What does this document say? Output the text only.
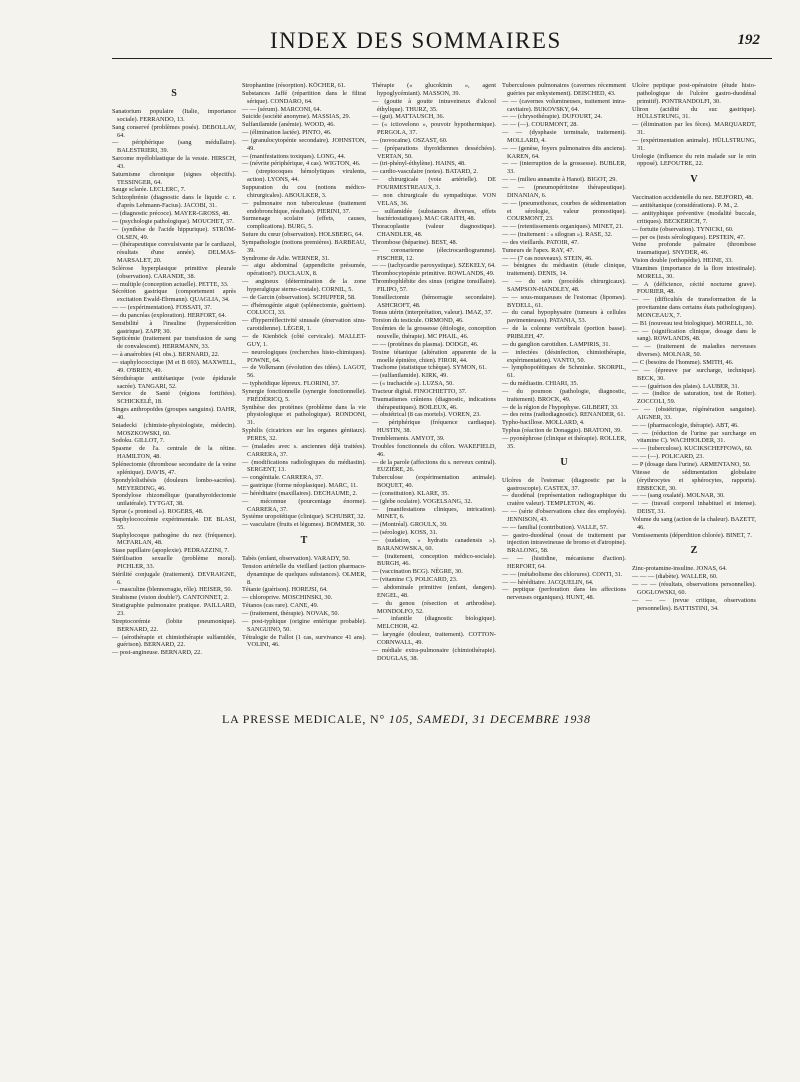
INDEX DES SOMMAIRES	192
S
Sanatorium populaire (Italie, importance sociale). FERRANDO, 13.
Sang conservé (problèmes posés). DEBOLLAV, 64.
— périphérique (sang médullaire). BALESTRIERI, 39.
Sarcome myéloblastique de la vessie. HIRSCH, 43.
Saturnisme chronique (signes objectifs). TESSINGER, 64.
Sauge sclarée. LECLERC, 7.
Schizophrénie (diagnostic dans le liquide c. r. d'après Lehmann-Facius). JACOBI, 31.
— (diagnostic précoce). MAYER-GROSS, 48.
— (psychologie pathologique). MOUCHET, 37.
— (synthèse de l'acide hippurique). STRÖM-OLSEN, 49.
— (thérapeutique convulsivante par le cardiazol, résultats d'une année). DELMAS-MARSALET, 20.
Sclérose hyperplasique primitive pleurale (observation). CARANDE, 38.
— multiple (conception actuelle). PETTE, 33.
Sécrétion gastrique (comportement après excitation Ewald-Ebrmann). QUAGLIA, 34.
— — (expérimentation). FOSSATI, 37.
— du pancréas (exploration). HERFORT, 64.
Sensibilité à l'insuline (hypersécrétion gastrique). ZAPP, 30.
Septicémie (traitement par transfusion de sang de convalescent). HERRMANN, 33.
— à anaérobies (41 obs.). BERNARD, 22.
— staphylococcique (M et B 693). MAXWELL, 49. O'BRIEN, 49.
Sérothérapie antitétanique (voie épidurale sacrée). TANGARI, 52.
Service de Santé (régions fortifiées). SCHICKELÉ, 18.
Singes anthropoïdes (groupes sanguins). DAHR, 40.
Sniadecki (chimiste-physiologiste, médecin). MOSZKOWSKI, 60.
Sodoku. GILLOT, 7.
Spasme de l'a. centrale de la rétine. HAMILTON, 48.
Splénectomie (thrombose secondaire de la veine splénique). DAVIS, 47.
Spondylolisthésis (douleurs lombo-sacrées). MEYERDING, 46.
Spondylose rhizomélique (parathyroïdectomie unilatérale). TYTGAT, 38.
Sprue (« prontosil »). ROGERS, 48.
Staphylococcémie expérimentale. DE BLASI, 55.
Staphylocoque pathogène du nez (fréquence). MCFARLAN, 48.
Stase papillaire (apoplexie). PEDRAZZINI, 7.
Stérilisation sexuelle (problème moral). PICHLER, 33.
Stérilité conjugale (traitement). DEVRAIGNE, 6.
— masculine (blennorragie, rôle). HEISER, 50.
Strabisme (vision double?). CANTONNET, 2.
Stratigraphie pulmonaire pratique. PAILLARD, 23.
Streptocorémie (lobite pneumonique). BERNARD, 22.
— (sérothérapie et chimiothérapie sulfamidée, guérison). BERNARD, 22.
— post-angineuse. BERNARD, 22.
Strophantine (résorption). KÖCHER, 61.
Substances Jaffé (répartition dans le filtrat sérique). CONDARO, 64.
— — (sérum). MARCONI, 64.
Suicide (société anonyme). MASSIAS, 29.
Sulfanilamide (anémie). WOOD, 46.
— (élimination lactée). PINTO, 46.
— (granulocytopénie secondaire). JOHNSTON, 49.
— (manifestations toxiques). LONG, 44.
— (névrite périphérique, 4 cas). WIGTON, 46.
— (streptocoques hémolytiques virulents, action). LYONS, 44.
Suppuration du cou (notions médico-chirurgicales). ABOULKER, 3.
— pulmonaire non tuberculeuse (traitement endobronchique, résultats). PIERINI, 37.
Surmenage scolaire (effets, causes, complications). BURG, 5.
Suture du cœur (observation). HOLSBERG, 64.
Sympathologie (notions premières). BARBEAU, 39.
Syndrome de Adie. WERNER, 31.
— aigu abdominal (appendicite présumée, opération?). DUCLAUX, 8.
— angineux (détermination de la zone hyperalgique sterno-costale). CORNIL, 5.
— de Garcin (observation). SCHUPFER, 58.
— d'hémogénie aiguë (splénectomie, guérison). COLUCCI, 33.
— d'hyperréflectivité sinusale (énervation sinu-carotidienne). LÉGER, 1.
— de Kienböck (côté cervicale). MALLET-GUY, 1.
— neurologiques (recherches histo-chimiques). POWNE, 64.
— de Volkmann (évolution des idées). LAGOT, 56.
— typhoïdique lépreux. FLORINI, 37.
Synergie fonctionnelle (synergie fonctionnelle). FRÉDÉRICQ, 5.
Synthèse des protéines (problème dans la vie physiologique et pathologique). RONDONI, 31.
Syphilis (cicatrices sur les organes génitaux). PERES, 32.
— (malades avec s. anciennes déjà traitées). CARRERA, 37.
— (modifications radiologiques du médiastin). SERGENT, 13.
— congénitale. CARRERA, 37.
— gastrique (forme néoplasique). MARC, 11.
— héréditaire (maxillaires). DECHAUME, 2.
— méconnue (pourcentage énorme). CARRERA, 37.
Système uropoïétique (clinique). SCHUBRT, 32.
— vasculaire (fruits et légumes). BOMMER, 30.
T
Tabès (enfant, observation). VARADY, 50.
Tension artérielle du vieillard (action pharmaco-dynamique de quelques substances). OLMER, 8.
Tétanie (guérison). HOREJSI, 64.
— chloroprive. MOSCHINSKI, 30.
Tétanos (cas rare). CANE, 49.
— (traitement, thérapie). NOVAK, 50.
— post-typhique (origine entérique probable). SANGUINO, 50.
Tétralogie de Fallot (1 cas, survivance 41 ans). VOLINI, 46.
Thérapie (« glucokinin », agent hypoglycémiant). MASSON, 39.
— (goutte à goutte intraveineux d'alcool éthylique). THURZ, 35.
— (gui). MATTAUSCH, 36.
— (« ictiovelono », pouvoir hypothermique). PERGOLA, 37.
— (novocaïne). OSZAST, 60.
— (préparations thyroïdiennes desséchées). VERTAN, 50.
— (tri-phényl-éthylène). HAINS, 48.
— cardio-vasculaire (notes). BATARD, 2.
— chirurgicale (voie artérielle). DE FOURMESTREAUX, 3.
— non chirurgicale du sympathique. VON VELAS, 36.
— sulfamidée (substances diverses, effets bactériostatiques). MAC GRAITH, 48.
Thoracoplastie (valeur diagnostique). CHANDLER, 48.
Thrombose (héparine). BEST, 48.
— coronarienne (électrocardiogramme). FISCHER, 12.
— — (tachycardie paroxystique). SZEKELY, 64.
Thrombocytopénie primitive. ROWLANDS, 49.
Thrombophlébite des sinus (origine tonsillaire). FILIPO, 57.
Tonsillectomie (hémorragie secondaire). ASHCROFT, 48.
Tonus utérin (interprétation, valeur). IMAZ, 37.
Torsion du testicule. ORMOND, 46.
Toxémies de la grossesse (étiologie, conception nouvelle, thérapie). MC PHAIL, 46.
— — (protéines du plasma). DODGE, 46.
Toxine tétanique (altération apparente de la moelle épinière, chien). FIROR, 44.
Trachome (statistique tchèque). SYMON, 61.
— (sulfanilamide). KIRK, 49.
— (« trachacide »). LUZSA, 50.
Tracteur digital. FINOCHIETTO, 37.
Traumatismes crâniens (diagnostic, indications thérapeutiques). BOILEUX, 46.
— obstétrical (8 cas mortels). VOREN, 23.
— périphérique (fréquence cardiaque). HUSTIN, 38.
Tremblements. AMYOT, 39.
Troubles fonctionnels du côlon. WAKEFIELD, 46.
— de la parole (affections du s. nerveux central). EUZIÈRE, 26.
Tuberculose (expérimentation animale). BOQUET, 40.
— (constitution). KLARE, 35.
— (glebe oculaire). VOGELSANG, 32.
— (manifestations cliniques, intrication). MINET, 6.
— (Montréal). GROULX, 39.
— (sérologie). KOSS, 31.
— (sudation, « hydratis canadensis »). BARANOWSKA, 60.
— (traitement, conception médico-sociale). BURGH, 46.
— (vaccination BCG). NÈGRE, 30.
— (vitamine C). POLICARD, 23.
— abdominale primitive (enfant, dangers). ENGEL, 48.
— du genou (résection et arthrodèse). MONDOLFO, 52.
— infantile (diagnostic biologique). MELCHOR, 42.
— laryngée (douleur, traitement). COTTON-CORNWALL, 49.
— médiale extra-pulmonaire (chimiothérapie). DOUGLAS, 38.
Tuberculoses pulmonaires (cavernes récemment guéries par enkystement). DEISCHED, 43.
— — (cavernes volumineuses, traitement intra-cavitaire). BUKOVSKY, 64.
— — (chrysothérapie). DUFOURT, 24.
— — (—). COURMONT, 28.
— — (dysphasie terminale, traitement). MOLLARD, 4.
— — (genèse, foyers pulmonaires dits anciens). KAREN, 64.
— — (interruption de la grossesse). BUBLER, 33.
— — (milieu annamite à Hanoï). BIGOT, 29.
— — (pneumopéritoine thérapeutique). DINANIAN, 6.
— — (pneumothorax, courbes de sédimentation et sérologie, valeur pronostique). COURMONT, 23.
— — (retentissements organiques). MINET, 21.
— — (traitement : « silogran »). RASE, 32.
— des vieillards. PATOIR, 47.
Tumeurs de l'apex. RAY, 47.
— — (7 cas nouveaux). STEIN, 46.
— bénignes du médiastin (étude clinique, traitement). DENIS, 14.
— — du sein (procédés chirurgicaux). SAMPSON-HANDLEY, 48.
— — sous-muqueuses de l'estomac (lipomes). BYDELL, 61.
— du canal hypophysaire (tumeurs à cellules pavimenteuses). PATANIA, 53.
— de la colonne vertébrale (portion basse). PRIBLEH, 47.
— du ganglion carotidien. LAMPIRIS, 31.
— infectées (désinfection, chimiothérapie, expérimentation). VANTO, 50.
— lymphopoïétiques de Schminke. SKORPIL, 61.
— du médiastin. CHIARI, 35.
— du poumon (pathologie, diagnostic, traitement). BROCK, 49.
— de la région de l'hypophyse. GILBERT, 33.
— des reins (radiodiagnostic). RENANDER, 61.
Typho-bacillose. MOLLARD, 4.
Typhus (réaction de Donaggio). BRATONI, 39.
— pyonéphrose (clinique et thérapie). ROLLER, 35.
U
Ulcères de l'estomac (diagnostic par la gastroscopie). CASTEX, 37.
— duodénal (représentation radiographique du cratère valeur). TEMPLETON, 46.
— — (série d'observations chez des employés). JENNISON, 43.
— — familial (contribution). VALLE, 57.
— gastro-duodénal (essai de traitement par injection intraveineuse de bromo et d'atropine). BRALONG, 58.
— — (histidine, mécanisme d'action). HERFORT, 64.
— — (métabolisme des chlorures). CONTI, 31.
— — héréditaire. JACQUELIN, 64.
— peptique (perforation dans les affections nerveuses organiques). HUNT, 48.
Ulcère peptique post-opératoire (étude histo-pathologique de l'ulcère gastro-duodénal primitif). PONTRANDOLFI, 30.
Uliron (acidité du suc gastrique). HÜLLSTRUNG, 31.
— (élimination par les fèces). MARQUARDT, 31.
— (expérimentation animale). HÜLLSTRUNG, 31.
Urologie (influence du rein malade sur le rein opposé). LEFOUTRE, 22.
V
Vaccination accidentelle du nez. BEJFORD, 48.
— antitétanique (considérations). P. M., 2.
— antityphique préventive (modalité buccale, critiques). BECKERICH, 7.
— fortuite (observation). TYNICKI, 60.
— per os (tests sérologiques). EPSTEIN, 47.
Veine profonde palmaire (thrombose traumatique). SNYDER, 46.
Vision double (orthopédie). HEINE, 33.
Vitamines (importance de la flore intestinale). MORELL, 30.
— A (déficience, cécité nocturne grave). FOURIER, 48.
— — (difficultés de transformation de la provitamine dans certains états pathologiques). MONCEAUX, 7.
— B1 (nouveau test biologique). MORELL, 30.
— — (signification clinique, dosage dans le sang). ROWLANDS, 48.
— — (traitement de maladies nerveuses diverses). MOLNAR, 50.
— C (besoins de l'homme). SMITH, 46.
— — (épreuve par surcharge, technique). BECK, 30.
— — (guérison des plaies). LAUBER, 31.
— — (indice de saturation, test de Rotter). ZOCCOLI, 59.
— — (obstétrique, régénération sanguine). AIGNER, 33.
— — (pharmacologie, thérapie). ABT, 46.
— — (réduction de l'urine par surcharge en vitamine C). WACHHOLDER, 31.
— — (tuberculose). KUCIKSCHEFFOWA, 60.
— — (—). POLICARD, 23.
— P (dosage dans l'urine). ARMENTANO, 50.
Vitesse de sédimentation globulaire (érythrocytes et sphérocytes, rapports). EBBECKE, 30.
— — (sang oxalaté). MOLNAR, 30.
— — (travail corporel inhabituel et intense). DEIST, 31.
Volume du sang (action de la chaleur). BAZETT, 46.
Vomissements (déperdition chlorée). BINET, 7.
Z
Zinc-protamine-insuline. JONAS, 64.
— — — (diabète). WALLER, 60.
— — — (résultats, observations personnelles). GOGLOWSKI, 60.
— — — (revue critique, observations personnelles). BATTISTINI, 34.
LA PRESSE MEDICALE, N° 105, SAMEDI, 31 DECEMBRE 1938
